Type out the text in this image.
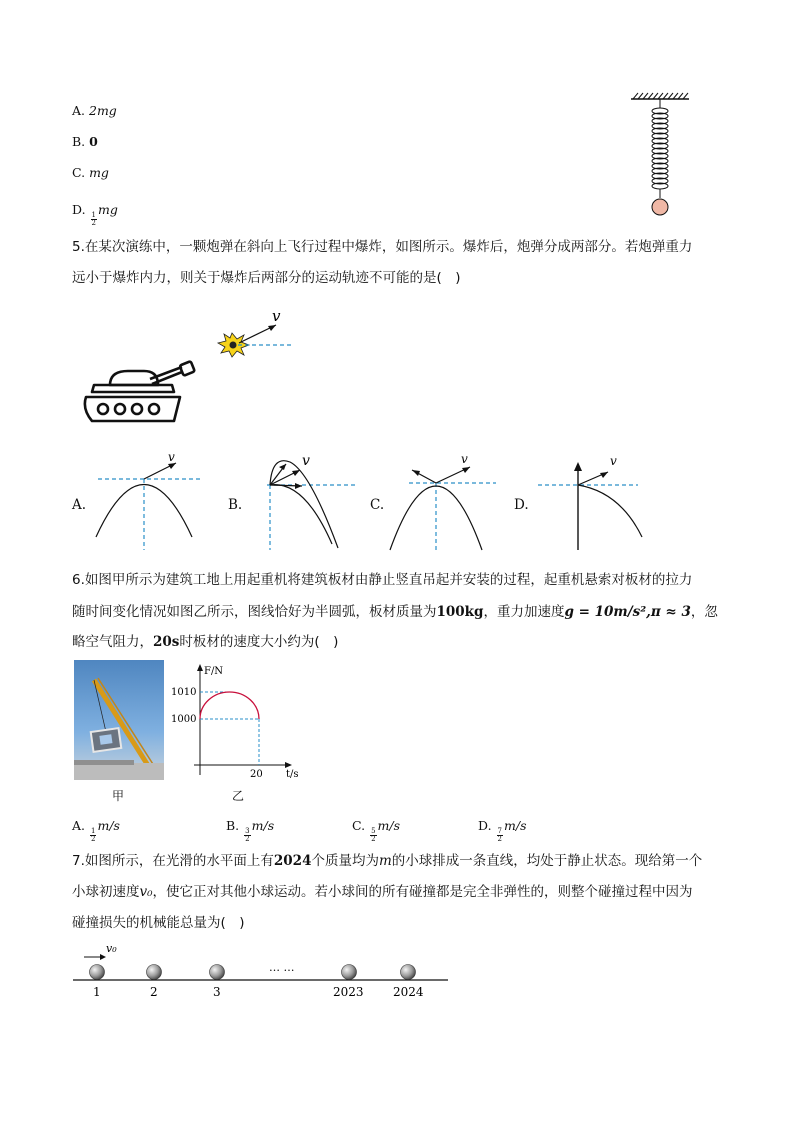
A. 2mg
B. 0
C. mg
D.
$\frac{1}{2}$
mg
5.在某次演练中，一颗炮弹在斜向上飞行过程中爆炸，如图所示。爆炸后，炮弹分成两部分。若炮弹重力
远小于爆炸内力，则关于爆炸后两部分的运动轨迹不可能的是(　)
v
A.
v
B.
v
C.
v
D.
v
6.如图甲所示为建筑工地上用起重机将建筑板材由静止竖直吊起并安装的过程，起重机悬索对板材的拉力
随时间变化情况如图乙所示，图线恰好为半圆弧，板材质量为100kg，重力加速度g = 10m/s²,π ≈ 3，忽
略空气阻力，20s时板材的速度大小约为(　)
甲
F/N
t/s
1010
1000
20
乙
A.
$\frac{1}{2}$
m/s	B.
$\frac{3}{2}$
m/s	C.
$\frac{5}{2}$
m/s	D.
$\frac{7}{2}$
m/s
7.如图所示，在光滑的水平面上有2024个质量均为m的小球排成一条直线，均处于静止状态。现给第一个
小球初速度v₀，使它正对其他小球运动。若小球间的所有碰撞都是完全非弹性的，则整个碰撞过程中因为
碰撞损失的机械能总量为(　)
v₀
… …
1	2	3	2023 2024
